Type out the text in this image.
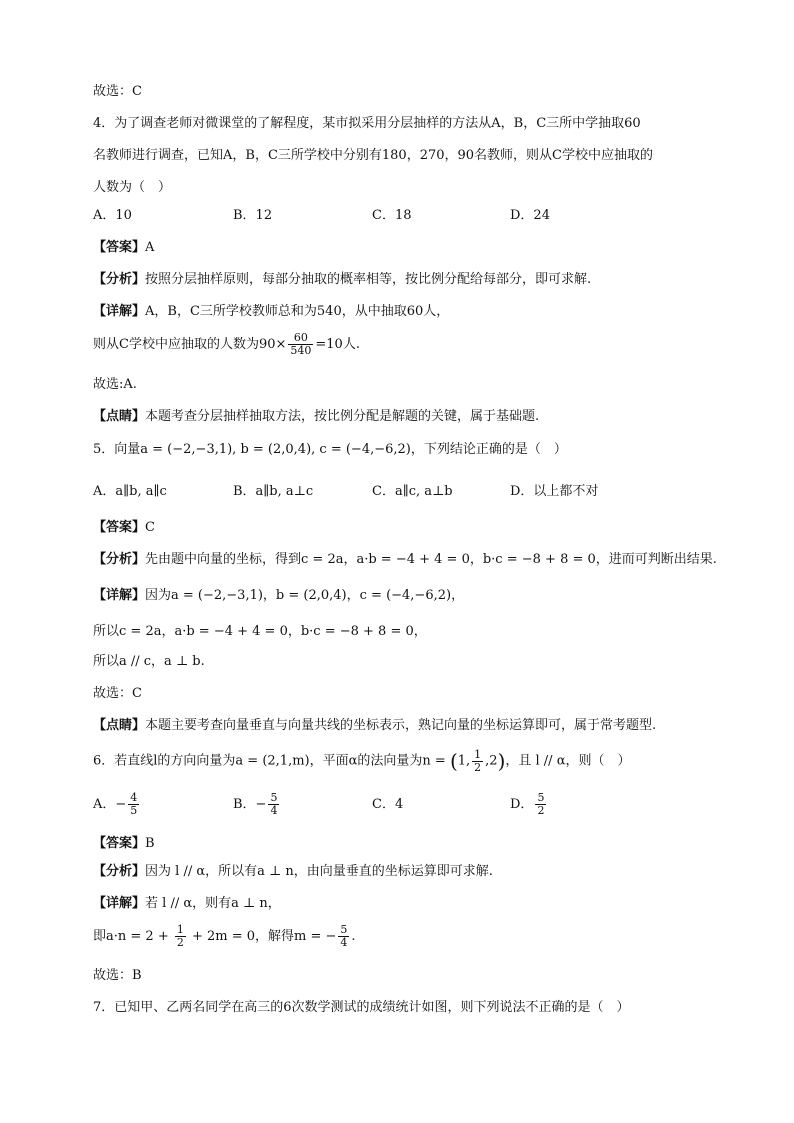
故选：C
4．为了调查老师对微课堂的了解程度，某市拟采用分层抽样的方法从A，B，C三所中学抽取60
名教师进行调查，已知A，B，C三所学校中分别有180，270，90名教师，则从C学校中应抽取的
人数为（　）
A．10	B．12	C．18	D．24
【答案】A
【分析】按照分层抽样原则，每部分抽取的概率相等，按比例分配给每部分，即可求解.
【详解】A，B，C三所学校教师总和为540，从中抽取60人，
则从C学校中应抽取的人数为$90\times \frac{60}{540} =10$人.
故选:A.
【点睛】本题考查分层抽样抽取方法，按比例分配是解题的关键，属于基础题.
5．向量a = (−2,−3,1), b = (2,0,4), c = (−4,−6,2)，下列结论正确的是（　）
A．a∥b, a∥c	B．a∥b, a⊥c	C．a∥c, a⊥b	D．以上都不对
【答案】C
【分析】先由题中向量的坐标，得到c = 2a，a·b = −4 + 4 = 0，b·c = −8 + 8 = 0，进而可判断出结果.
【详解】因为a = (−2,−3,1)，b = (2,0,4)，c = (−4,−6,2)，
所以c = 2a，a·b = −4 + 4 = 0，b·c = −8 + 8 = 0，
所以a // c，a ⊥ b.
故选：C
【点睛】本题主要考查向量垂直与向量共线的坐标表示，熟记向量的坐标运算即可，属于常考题型.
6．若直线l的方向向量为a = (2,1,m)，平面α的法向量为n = (1, $\frac{1}{2} ,2$)，且 l // α，则（　）
A．− $\frac{4}{5}$	B．− $\frac{5}{4}$	C．4	D． $\frac{5}{2}$
【答案】B
【分析】因为 l // α，所以有a ⊥ n，由向量垂直的坐标运算即可求解.
【详解】若 l // α，则有a ⊥ n，
即$a\cdot n = 2 + \frac{1}{2} + 2m = 0$，解得m = − $\frac{5}{4}$ .
故选：B
7．已知甲、乙两名同学在高三的6次数学测试的成绩统计如图，则下列说法不正确的是（　）
